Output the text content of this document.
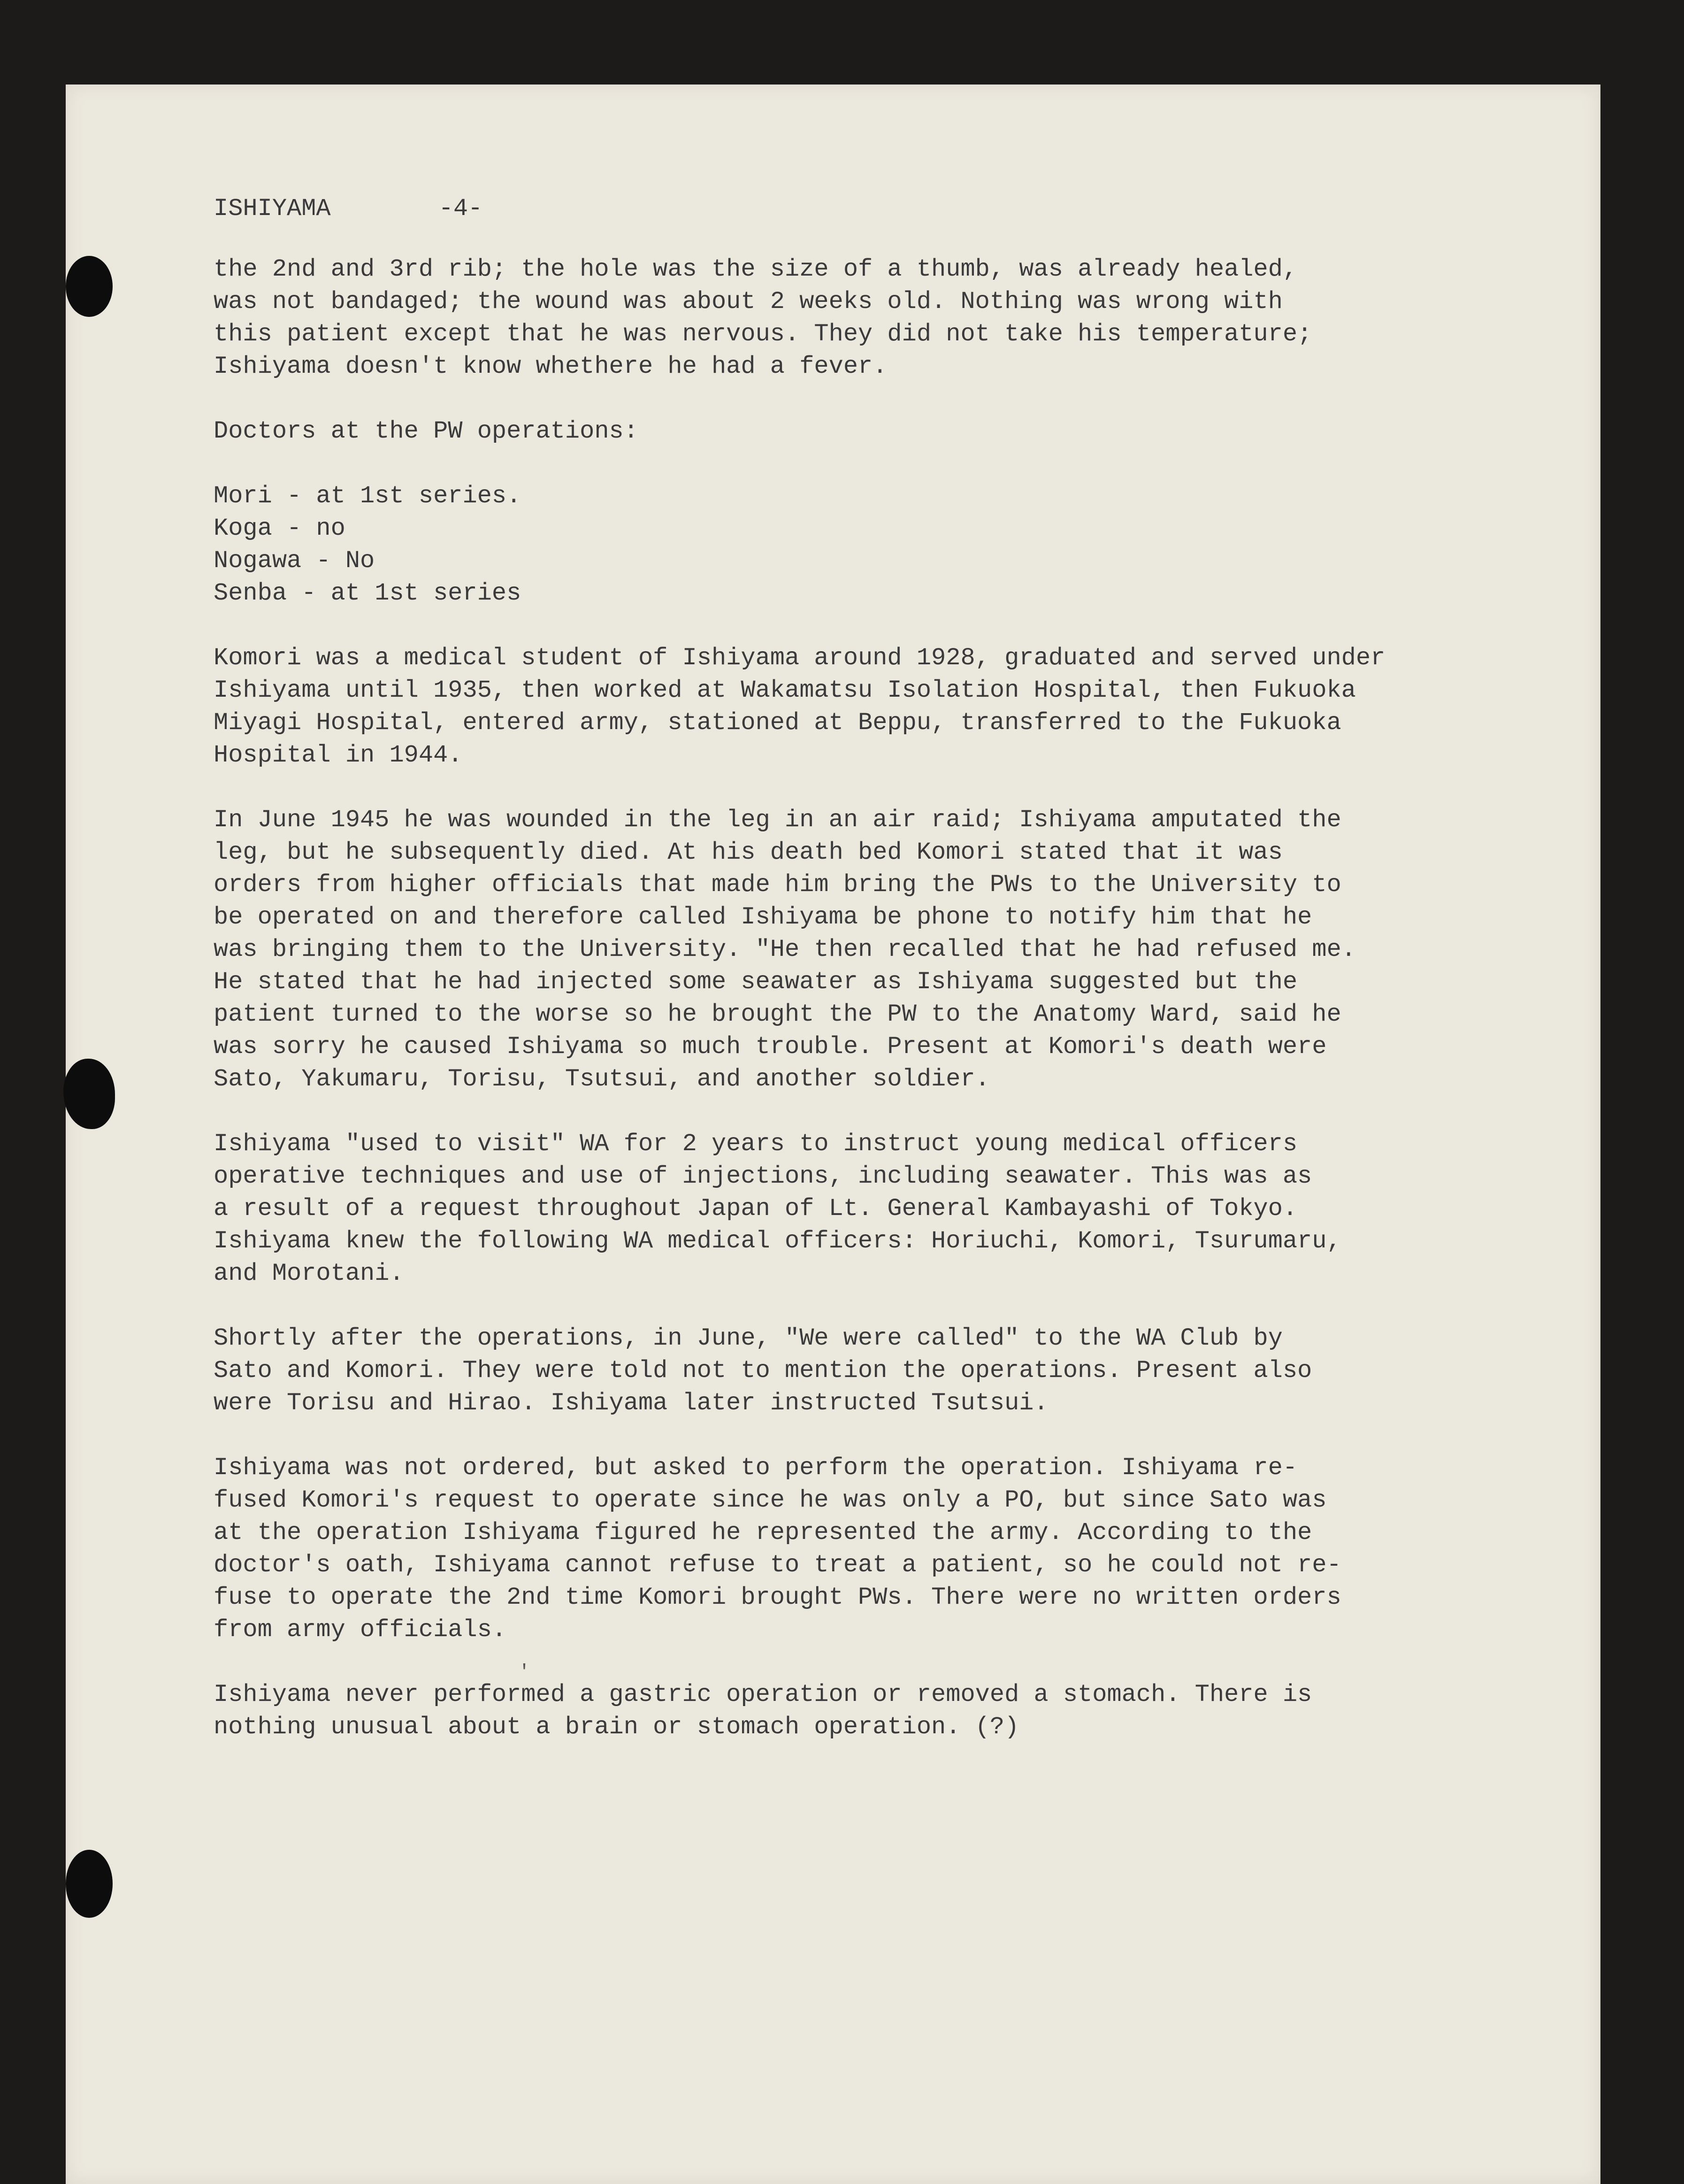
ISHIYAMA	-4-
the 2nd and 3rd rib; the hole was the size of a thumb, was already healed,
was not bandaged; the wound was about 2 weeks old. Nothing was wrong with
this patient except that he was nervous. They did not take his temperature;
Ishiyama doesn't know whethere he had a fever.
Doctors at the PW operations:
Mori - at 1st series.
Koga - no
Nogawa - No
Senba - at 1st series
Komori was a medical student of Ishiyama around 1928, graduated and served under
Ishiyama until 1935, then worked at Wakamatsu Isolation Hospital, then Fukuoka
Miyagi Hospital, entered army, stationed at Beppu, transferred to the Fukuoka
Hospital in 1944.
In June 1945 he was wounded in the leg in an air raid; Ishiyama amputated the
leg, but he subsequently died. At his death bed Komori stated that it was
orders from higher officials that made him bring the PWs to the University to
be operated on and therefore called Ishiyama be phone to notify him that he
was bringing them to the University. "He then recalled that he had refused me.
He stated that he had injected some seawater as Ishiyama suggested but the
patient turned to the worse so he brought the PW to the Anatomy Ward, said he
was sorry he caused Ishiyama so much trouble. Present at Komori's death were
Sato, Yakumaru, Torisu, Tsutsui, and another soldier.
Ishiyama "used to visit" WA for 2 years to instruct young medical officers
operative techniques and use of injections, including seawater. This was as
a result of a request throughout Japan of Lt. General Kambayashi of Tokyo.
Ishiyama knew the following WA medical officers: Horiuchi, Komori, Tsurumaru,
and Morotani.
Shortly after the operations, in June, "We were called" to the WA Club by
Sato and Komori. They were told not to mention the operations. Present also
were Torisu and Hirao. Ishiyama later instructed Tsutsui.
Ishiyama was not ordered, but asked to perform the operation. Ishiyama re-
fused Komori's request to operate since he was only a PO, but since Sato was
at the operation Ishiyama figured he represented the army. According to the
doctor's oath, Ishiyama cannot refuse to treat a patient, so he could not re-
fuse to operate the 2nd time Komori brought PWs. There were no written orders
from army officials.
Ishiyama never performed a gastric operation or removed a stomach. There is
nothing unusual about a brain or stomach operation. (?)
'
